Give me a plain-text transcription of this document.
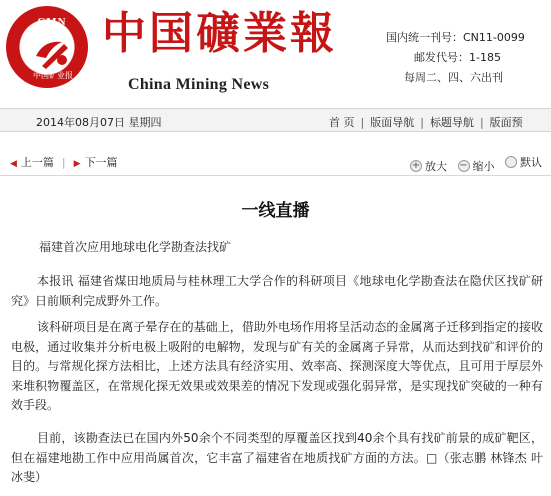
CMN
中国矿业报
中国礦業報
China Mining News
国内统一刊号：CN11-0099
邮发代号：1-185
每周二、四、六出刊
2014年08月07日 星期四	首 页 | 版面导航 | 标题导航 | 版面预
◀ 上一篇 | ▶ 下一篇	+ 放大
− 缩小
默认
一线直播
福建首次应用地球电化学勘查法找矿

本报讯 福建省煤田地质局与桂林理工大学合作的科研项目《地球电化学勘查法在隐伏区找矿研究》日前顺利完成野外工作。

该科研项目是在离子晕存在的基础上，借助外电场作用将呈活动态的金属离子迁移到指定的接收电极，通过收集并分析电极上吸附的电解物，发现与矿有关的金属离子异常，从而达到找矿和评价的目的。与常规化探方法相比，上述方法具有经济实用、效率高、探测深度大等优点，且可用于厚层外来堆积物覆盖区，在常规化探无效果或效果差的情况下发现或强化弱异常，是实现找矿突破的一种有效手段。

目前，该勘查法已在国内外50余个不同类型的厚覆盖区找到40余个具有找矿前景的成矿靶区，但在福建地勘工作中应用尚属首次，它丰富了福建省在地质找矿方面的方法。□（张志鹏 林锋杰 叶冰斐）
